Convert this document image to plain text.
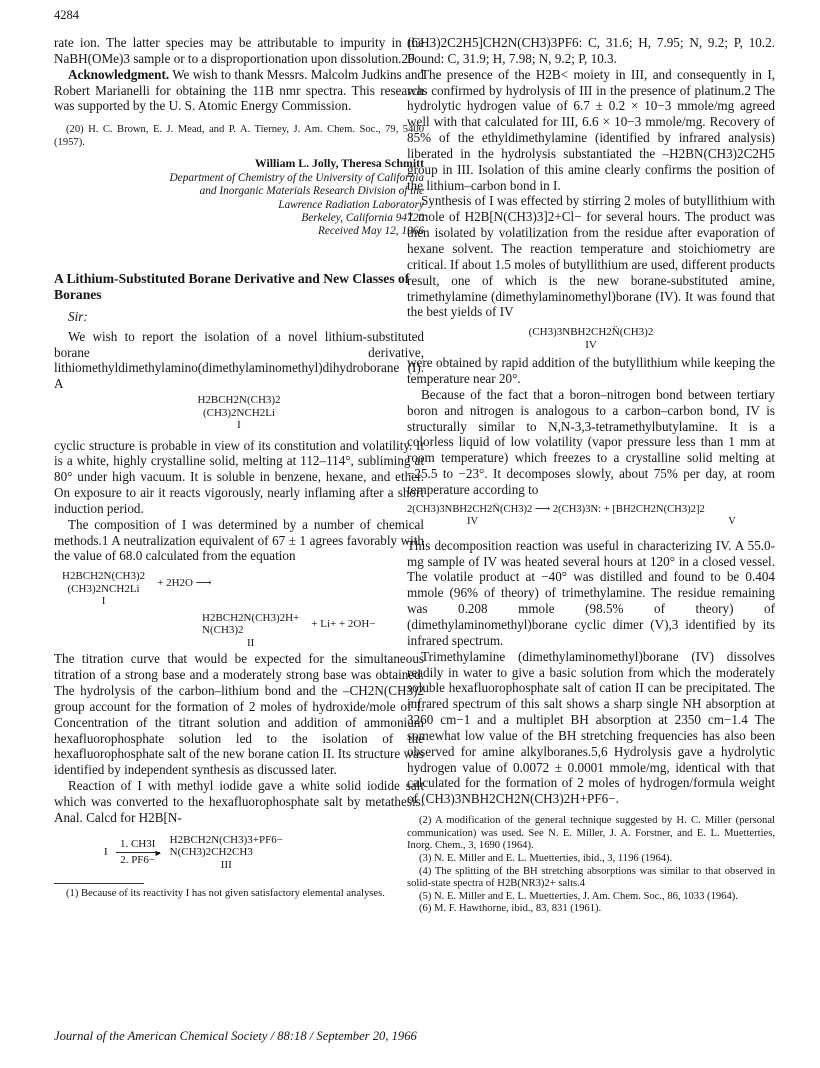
4284

rate ion. The latter species may be attributable to impurity in the NaBH(OMe)3 sample or to a disproportionation upon dissolution.20

Acknowledgment. We wish to thank Messrs. Malcolm Judkins and Robert Marianelli for obtaining the 11B nmr spectra. This research was supported by the U. S. Atomic Energy Commission.

(20) H. C. Brown, E. J. Mead, and P. A. Tierney, J. Am. Chem. Soc., 79, 5400 (1957).

William L. Jolly, Theresa Schmitt
Department of Chemistry of the University of California
and Inorganic Materials Research Division of the
Lawrence Radiation Laboratory
Berkeley, California 94720
Received May 12, 1966
A Lithium-Substituted Borane Derivative and New Classes of Boranes
Sir:

We wish to report the isolation of a novel lithium-substituted borane derivative, lithiomethyldimethylamino(dimethylaminomethyl)dihydroborane (I). A

H2BCH2N(CH3)2
(CH3)2NCH2Li
I

cyclic structure is probable in view of its constitution and volatility. It is a white, highly crystalline solid, melting at 112–114°, subliming at 80° under high vacuum. It is soluble in benzene, hexane, and ether. On exposure to air it reacts vigorously, nearly inflaming after a short induction period.

The composition of I was determined by a number of chemical methods.1 A neutralization equivalent of 67 ± 1 agrees favorably with the value of 68.0 calculated from the equation

H2BCH2N(CH3)2
(CH3)2NCH2Li
I
+ 2H2O ⟶
H2BCH2N(CH3)2H+
N(CH3)2
II
+ Li+ + 2OH−

The titration curve that would be expected for the simultaneous titration of a strong base and a moderately strong base was obtained. The hydrolysis of the carbon–lithium bond and the –CH2N(CH3)2 group account for the formation of 2 moles of hydroxide/mole of I. Concentration of the titrant solution and addition of ammonium hexafluorophosphate solution led to the isolation of the hexafluorophosphate salt of the new borane cation II. Its structure was identified by independent synthesis as discussed later.

Reaction of I with methyl iodide gave a white solid iodide salt which was converted to the hexafluorophosphate salt by metathesis. Anal. Calcd for H2B[N-

I
1. CH3I
►
2. PF6−
H2BCH2N(CH3)3+PF6−
N(CH3)2CH2CH3
III

(1) Because of its reactivity I has not given satisfactory elemental analyses.

(CH3)2C2H5]CH2N(CH3)3PF6: C, 31.6; H, 7.95; N, 9.2; P, 10.2. Found: C, 31.9; H, 7.98; N, 9.2; P, 10.3.

The presence of the H2B< moiety in III, and consequently in I, was confirmed by hydrolysis of III in the presence of platinum.2 The hydrolytic hydrogen value of 6.7 ± 0.2 × 10−3 mmole/mg agreed well with that calculated for III, 6.6 × 10−3 mmole/mg. Recovery of 85% of the ethyldimethylamine (identified by infrared analysis) liberated in the hydrolysis substantiated the –H2BN(CH3)2C2H5 group in III. Isolation of this amine clearly confirms the position of the lithium–carbon bond in I.

Synthesis of I was effected by stirring 2 moles of butyllithium with 1 mole of H2B[N(CH3)3]2+Cl− for several hours. The product was then isolated by volatilization from the residue after evaporation of hexane solvent. The reaction temperature and stoichiometry are critical. If about 1.5 moles of butyllithium are used, different products result, one of which is the new borane-substituted amine, trimethylamine (dimethylaminomethyl)borane (IV). It was found that the best yields of IV

(CH3)3NBH2CH2N̈(CH3)2
IV

were obtained by rapid addition of the butyllithium while keeping the temperature near 20°.

Because of the fact that a boron–nitrogen bond between tertiary boron and nitrogen is analogous to a carbon–carbon bond, IV is structurally similar to N,N-3,3-tetramethylbutylamine. It is a colorless liquid of low volatility (vapor pressure less than 1 mm at room temperature) which freezes to a crystalline solid melting at −25.5 to −23°. It decomposes slowly, about 75% per day, at room temperature according to

2(CH3)3NBH2CH2N̈(CH3)2 ⟶ 2(CH3)3N: + [BH2CH2N(CH3)2]2
IV	V

This decomposition reaction was useful in characterizing IV. A 55.0-mg sample of IV was heated several hours at 120° in a closed vessel. The volatile product at −40° was distilled and found to be 0.404 mmole (96% of theory) of trimethylamine. The residue remaining was 0.208 mmole (98.5% of theory) of (dimethylaminomethyl)borane cyclic dimer (V),3 identified by its infrared spectrum.

Trimethylamine (dimethylaminomethyl)borane (IV) dissolves readily in water to give a basic solution from which the moderately soluble hexafluorophosphate salt of cation II can be precipitated. The infrared spectrum of this salt shows a sharp single NH absorption at 3260 cm−1 and a multiplet BH absorption at 2350 cm−1.4 The somewhat low value of the BH stretching frequencies has also been observed for amine alkylboranes.5,6 Hydrolysis gave a hydrolytic hydrogen value of 0.0072 ± 0.0001 mmole/mg, identical with that calculated for the formation of 2 moles of hydrogen/formula weight of (CH3)3NBH2CH2N(CH3)2H+PF6−.

(2) A modification of the general technique suggested by H. C. Miller (personal communication) was used. See N. E. Miller, J. A. Forstner, and E. L. Muetterties, Inorg. Chem., 3, 1690 (1964).

(3) N. E. Miller and E. L. Muetterties, ibid., 3, 1196 (1964).

(4) The splitting of the BH stretching absorptions was similar to that observed in solid-state spectra of H2B(NR3)2+ salts.4

(5) N. E. Miller and E. L. Muetterties, J. Am. Chem. Soc., 86, 1033 (1964).

(6) M. F. Hawthorne, ibid., 83, 831 (1961).

Journal of the American Chemical Society / 88:18 / September 20, 1966
